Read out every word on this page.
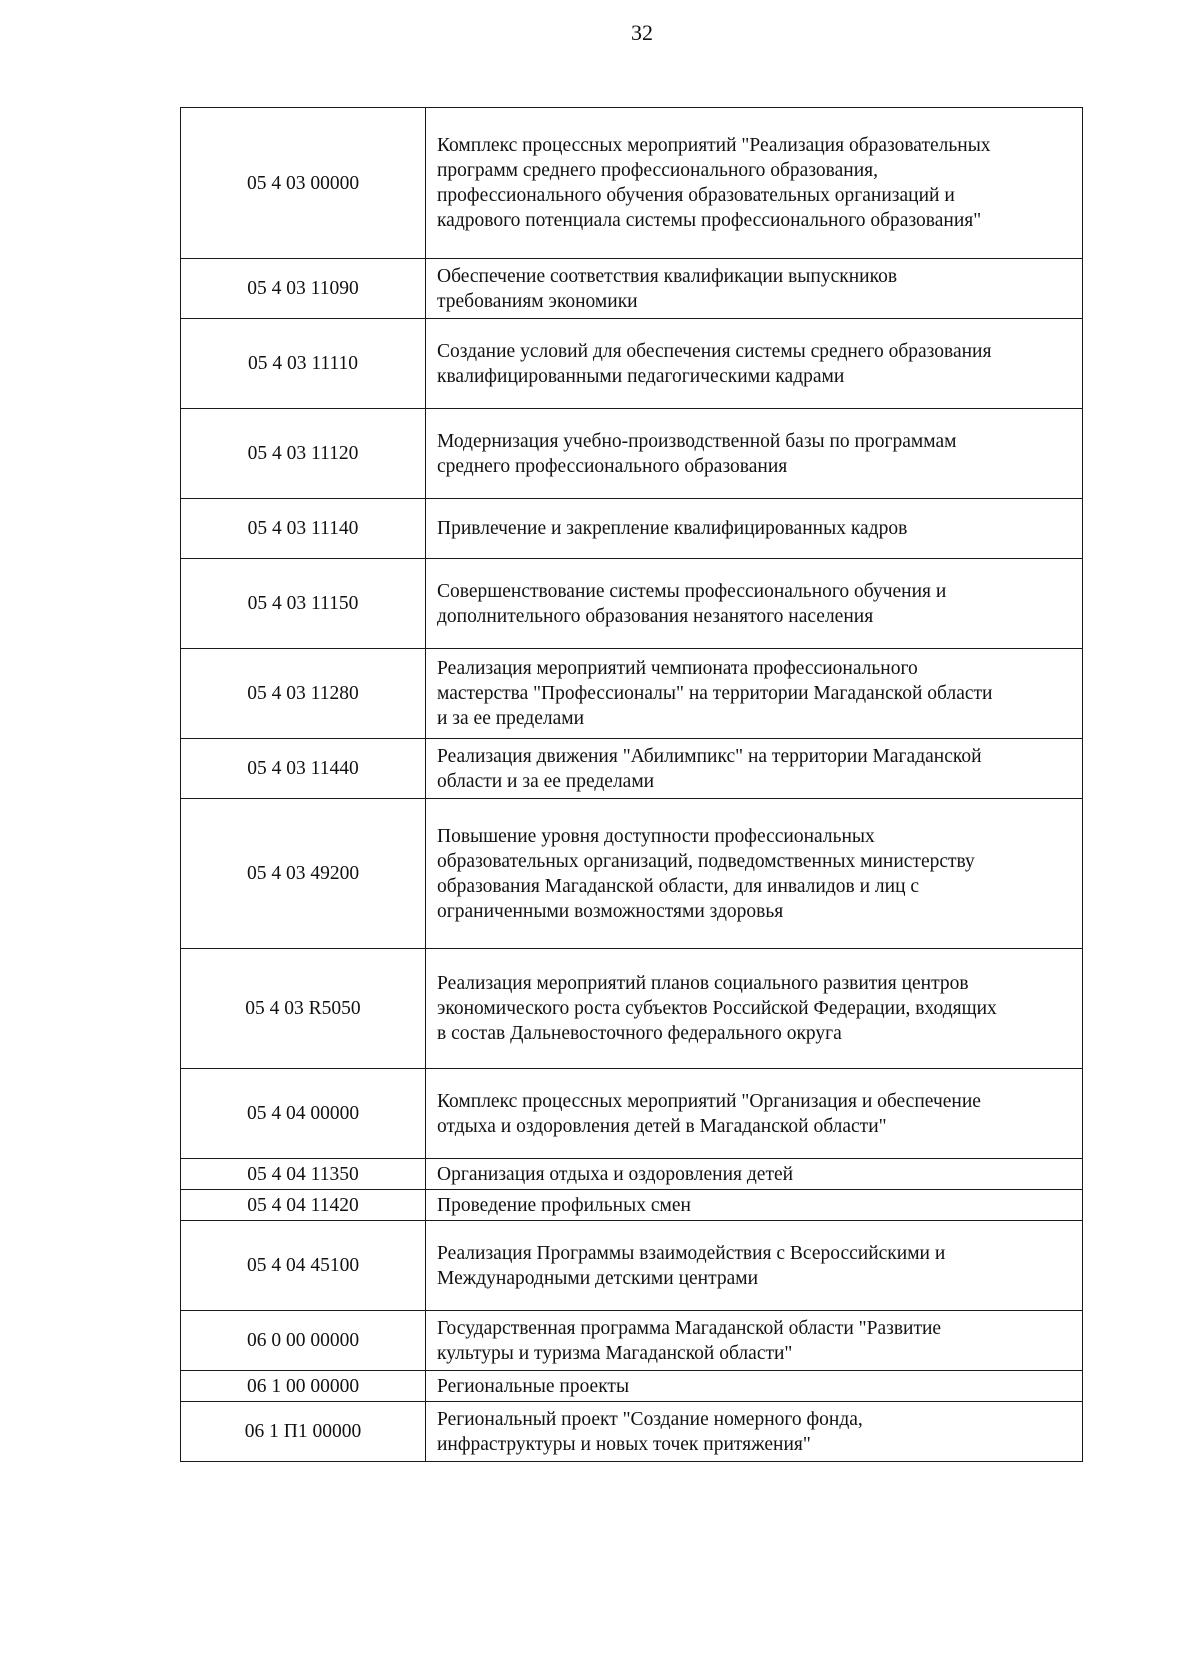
32
05 4 03 00000	Комплекс процессных мероприятий "Реализация образовательных
программ среднего профессионального образования,
профессионального обучения образовательных организаций и
кадрового потенциала системы профессионального образования"
05 4 03 11090	Обеспечение соответствия квалификации выпускников
требованиям экономики
05 4 03 11110	Создание условий для обеспечения системы среднего образования
квалифицированными педагогическими кадрами
05 4 03 11120	Модернизация учебно-производственной базы по программам
среднего профессионального образования
05 4 03 11140	Привлечение и закрепление квалифицированных кадров
05 4 03 11150	Совершенствование системы профессионального обучения и
дополнительного образования незанятого населения
05 4 03 11280	Реализация мероприятий чемпионата профессионального
мастерства "Профессионалы" на территории Магаданской области
и за ее пределами
05 4 03 11440	Реализация движения "Абилимпикс" на территории Магаданской
области и за ее пределами
05 4 03 49200	Повышение уровня доступности профессиональных
образовательных организаций, подведомственных министерству
образования Магаданской области, для инвалидов и лиц с
ограниченными возможностями здоровья
05 4 03 R5050	Реализация мероприятий планов социального развития центров
экономического роста субъектов Российской Федерации, входящих
в состав Дальневосточного федерального округа
05 4 04 00000	Комплекс процессных мероприятий "Организация и обеспечение
отдыха и оздоровления детей в Магаданской области"
05 4 04 11350	Организация отдыха и оздоровления детей
05 4 04 11420	Проведение профильных смен
05 4 04 45100	Реализация Программы взаимодействия с Всероссийскими и
Международными детскими центрами
06 0 00 00000	Государственная программа Магаданской области "Развитие
культуры и туризма Магаданской области"
06 1 00 00000	Региональные проекты
06 1 П1 00000	Региональный проект "Создание номерного фонда,
инфраструктуры и новых точек притяжения"
